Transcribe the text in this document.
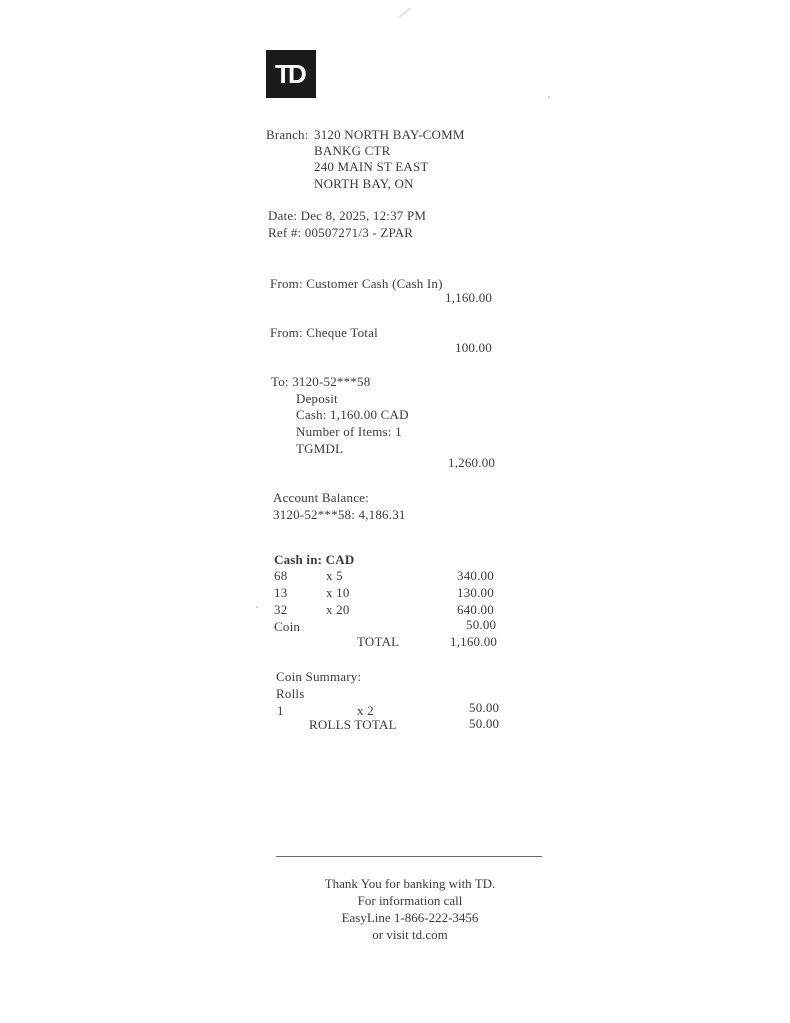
TD
Branch: 3120 NORTH BAY-COMM
BANKG CTR
240 MAIN ST EAST
NORTH BAY, ON
Date: Dec 8, 2025, 12:37 PM
Ref #: 00507271/3 - ZPAR
From: Customer Cash (Cash In)
1,160.00
From: Cheque Total
100.00
To: 3120-52***58
Deposit
Cash: 1,160.00 CAD
Number of Items: 1
TGMDL
1,260.00
Account Balance:
3120-52***58: 4,186.31
Cash in: CAD
68	x 5	340.00
13	x 10	130.00
32	x 20	640.00
Coin	50.00
TOTAL	1,160.00
Coin Summary:
Rolls
1	x 2	50.00
ROLLS TOTAL	50.00
Thank You for banking with TD.
For information call
EasyLine 1-866-222-3456
or visit td.com
